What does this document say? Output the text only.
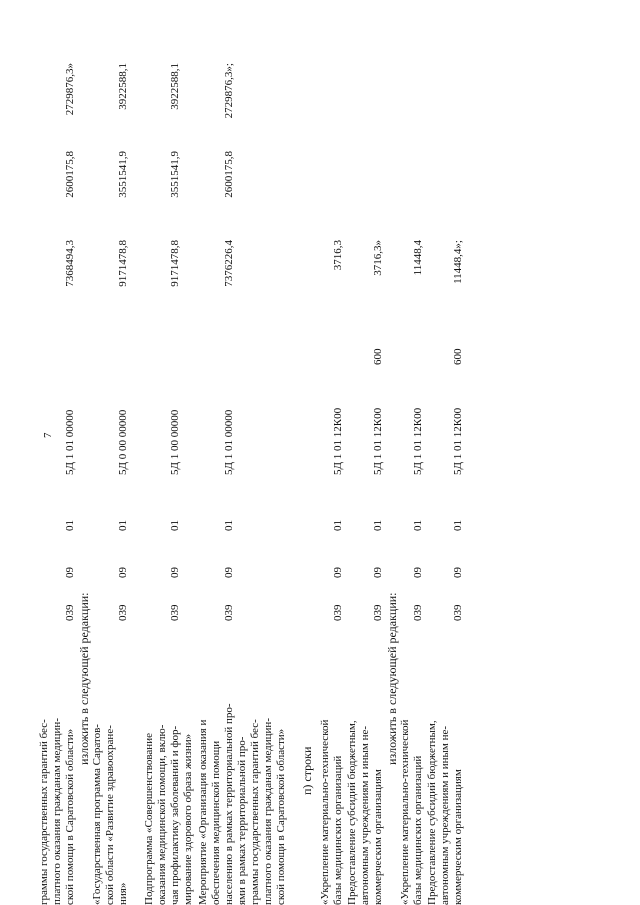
7
граммы государственных гарантий бес- платного оказания гражданам медицин- ской помощи в Саратовской области»
039
09
01
5Д 1 01 00000
7368494,3
2600175,8
2729876,3»
изложить в следующей редакции:
«Государственная программа Саратов- ской области «Развитие здравоохране- ния»
039
09
01
5Д 0 00 00000
9171478,8
3551541,9
3922588,1
Подпрограмма «Совершенствование оказания медицинской помощи, вклю- чая профилактику заболеваний и фор- мирование здорового образа жизни»
039
09
01
5Д 1 00 00000
9171478,8
3551541,9
3922588,1
Мероприятие «Организация оказания и обеспечения медицинской помощи населению в рамках территориальной про- ями в рамках территориальной про- граммы государственных гарантий бес- платного оказания гражданам медицин- ской помощи в Саратовской области»
039
09
01
5Д 1 01 00000
7376226,4
2600175,8
2729876,3»;
п) строки «Укрепление материально-технической базы медицинских организаций
039
09
01
5Д 1 01 12К00
3716,3
Предоставление субсидий бюджетным, автономным учреждениям и иным не- коммерческим организациям
039
09
01
5Д 1 01 12К00
600
3716,3»
изложить в следующей редакции:
«Укрепление материально-технической базы медицинских организаций
039
09
01
5Д 1 01 12К00
11448,4
Предоставление субсидий бюджетным, автономным учреждениям и иным не- коммерческим организациям
039
09
01
5Д 1 01 12К00
600
11448,4»;
